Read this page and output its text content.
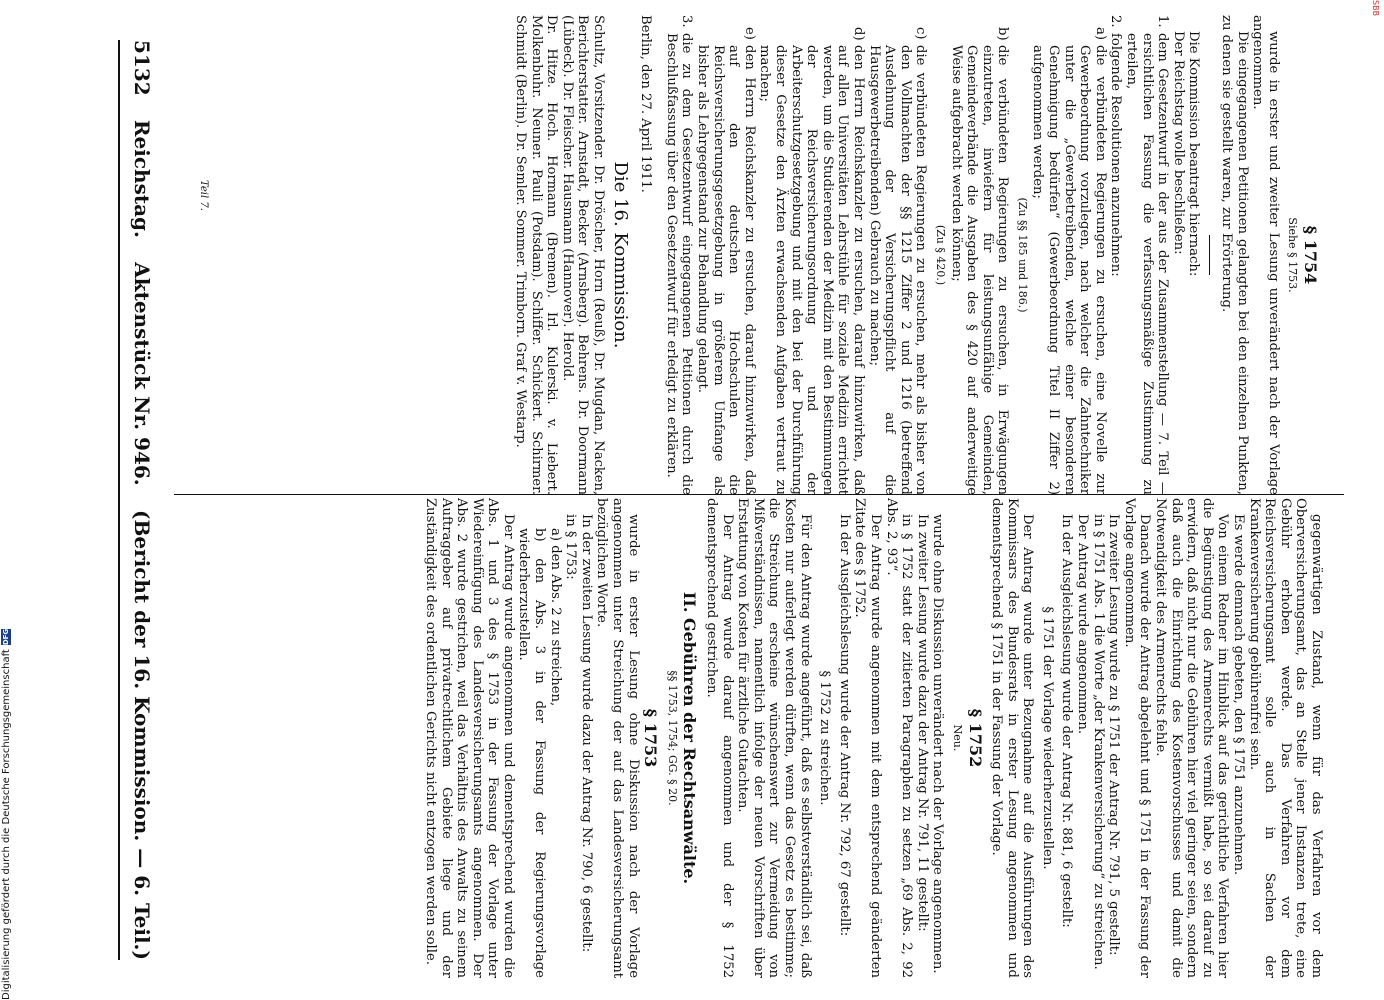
5132
Reichstag.
Aktenstück Nr. 946.
(Bericht der 16. Kommission. — 6. Teil.)	gegenwärtigen Zustand, wenn für das Verfahren vor dem Oberversicherungsamt, das an Stelle jener Instanzen trete, eine Gebühr erhoben werde. Das Verfahren vor dem Reichsversicherungsamt solle auch in Sachen der Krankenversicherung gebührenfrei sein.

Es werde demnach gebeten, den § 1751 anzunehmen.

Von einem Redner im Hinblick auf das gerichtliche Verfahren hier die Begünstigung des Armenrechts vermißt habe, so sei darauf zu erwidern, daß nicht nur die Gebühren hier viel geringer seien, sondern daß auch die Einrichtung des Kostenvorschusses und damit die Notwendigkeit des Armenrechts fehle.

Danach wurde der Antrag abgelehnt und § 1751 in der Fassung der Vorlage angenommen.

In zweiter Lesung wurde zu § 1751 der Antrag Nr. 791, 5 gestellt:

in § 1751 Abs. 1 die Worte „der Krankenversicherung“ zu streichen.

Der Antrag wurde angenommen.

In der Ausgleichslesung wurde der Antrag Nr. 881, 6 gestellt:

§ 1751 der Vorlage wiederherzustellen.

Der Antrag wurde unter Bezugnahme auf die Ausführungen des Kommissars des Bundesrats in erster Lesung angenommen und dementsprechend § 1751 in der Fassung der Vorlage.

§ 1752
Neu.

wurde ohne Diskussion unverändert nach der Vorlage angenommen.

In zweiter Lesung wurde dazu der Antrag Nr. 791, 11 gestellt:

in § 1752 statt der zitierten Paragraphen zu setzen „69 Abs. 2, 92 Abs. 2, 93“.

Der Antrag wurde angenommen mit dem entsprechend geänderten Zitate des § 1752.

In der Ausgleichslesung wurde der Antrag Nr. 792, 67 gestellt:

§ 1752 zu streichen.

Für den Antrag wurde angeführt, daß es selbstverständlich sei, daß Kosten nur auferlegt werden dürften, wenn das Gesetz es bestimme; die Streichung erscheine wünschenswert zur Vermeidung von Mißverständnissen, namentlich infolge der neuen Vorschriften über Erstattung von Kosten für ärztliche Gutachten.

Der Antrag wurde darauf angenommen und der § 1752 dementsprechend gestrichen.

II. Gebühren der Rechtsanwälte.
§§ 1753, 1754; GG. § 20.
§ 1753

wurde in erster Lesung ohne Diskussion nach der Vorlage angenommen unter Streichung der auf das Landesversicherungsamt bezüglichen Worte.

In der zweiten Lesung wurde dazu der Antrag Nr. 790, 6 gestellt:

in § 1753:

a) den Abs. 2 zu streichen,

b) den Abs. 3 in der Fassung der Regierungsvorlage wiederherzustellen.

Der Antrag wurde angenommen und dementsprechend wurden die Abs. 1 und 3 des § 1753 in der Fassung der Vorlage unter Wiedereinfügung des Landesversicherungsamts angenommen. Der Abs. 2 wurde gestrichen, weil das Verhältnis des Anwalts zu seinem Auftraggeber auf privatrechtlichem Gebiete liege und der Zuständigkeit des ordentlichen Gerichts nicht entzogen werden solle.

§ 1754
Siehe § 1753.

wurde in erster und zweiter Lesung unverändert nach der Vorlage angenommen.

Die eingegangenen Petitionen gelangten bei den einzelnen Punkten, zu denen sie gestellt waren, zur Erörterung.

Die Kommission beantragt hiernach:

Der Reichstag wolle beschließen:

1.
dem Gesetzentwurf in der aus der Zusammenstellung — 7. Teil — ersichtlichen Fassung die verfassungsmäßige Zustimmung zu erteilen,

2.
folgende Resolutionen anzunehmen:

a)
die verbündeten Regierungen zu ersuchen, eine Novelle zur Gewerbeordnung vorzulegen, nach welcher die Zahntechniker unter die „Gewerbetreibenden, welche einer besonderen Genehmigung bedürfen“ (Gewerbeordnung Titel II Ziffer 2) aufgenommen werden;

(Zu §§ 185 und 186.)

b)
die verbündeten Regierungen zu ersuchen, in Erwägungen einzutreten, inwiefern für leistungsunfähige Gemeinden, Gemeindeverbände die Ausgaben des § 420 auf anderweitige Weise aufgebracht werden können;

(Zu § 420.)

c)
die verbündeten Regierungen zu ersuchen, mehr als bisher von den Vollmachten der §§ 1215 Ziffer 2 und 1216 (betreffend Ausdehnung der Versicherungspflicht auf die Hausgewerbetreibenden) Gebrauch zu machen;

d)
den Herrn Reichskanzler zu ersuchen, darauf hinzuwirken, daß auf allen Universitäten Lehrstühle für soziale Medizin errichtet werden, um die Studierenden der Medizin mit den Bestimmungen der Reichsversicherungsordnung und der Arbeiterschutzgesetzgebung und mit den bei der Durchführung dieser Gesetze den Ärzten erwachsenden Aufgaben vertraut zu machen;

e)
den Herrn Reichskanzler zu ersuchen, darauf hinzuwirken, daß auf den deutschen Hochschulen die Reichsversicherungsgesetzgebung in größerem Umfange als bisher als Lehrgegenstand zur Behandlung gelangt.

3.
die zu dem Gesetzentwurf eingegangenen Petitionen durch die Beschlußfassung über den Gesetzentwurf für erledigt zu erklären.

Berlin, den 27. April 1911.

Die 16. Kommission.

Schultz, Vorsitzender. Dr. Dröscher, Horn (Reuß), Dr. Mugdan, Nacken, Berichterstatter. Arnstadt, Becker (Arnsberg). Behrens. Dr. Doormann (Lübeck). Dr. Fleischer. Hausmann (Hannover). Herold.

Dr. Hitze. Hoch. Hormann (Bremen). Irl. Kulerski. v. Liebert. Molkenbuhr. Neuner. Pauli (Potsdam). Schiffer. Schickert. Schirmer. Schmidt (Berlin). Dr. Semler. Sommer. Trimborn. Graf v. Westarp.

Teil 7.
Digitalisierung gefördert durch die Deutsche Forschungsgemeinschaft
DFG
SBB
